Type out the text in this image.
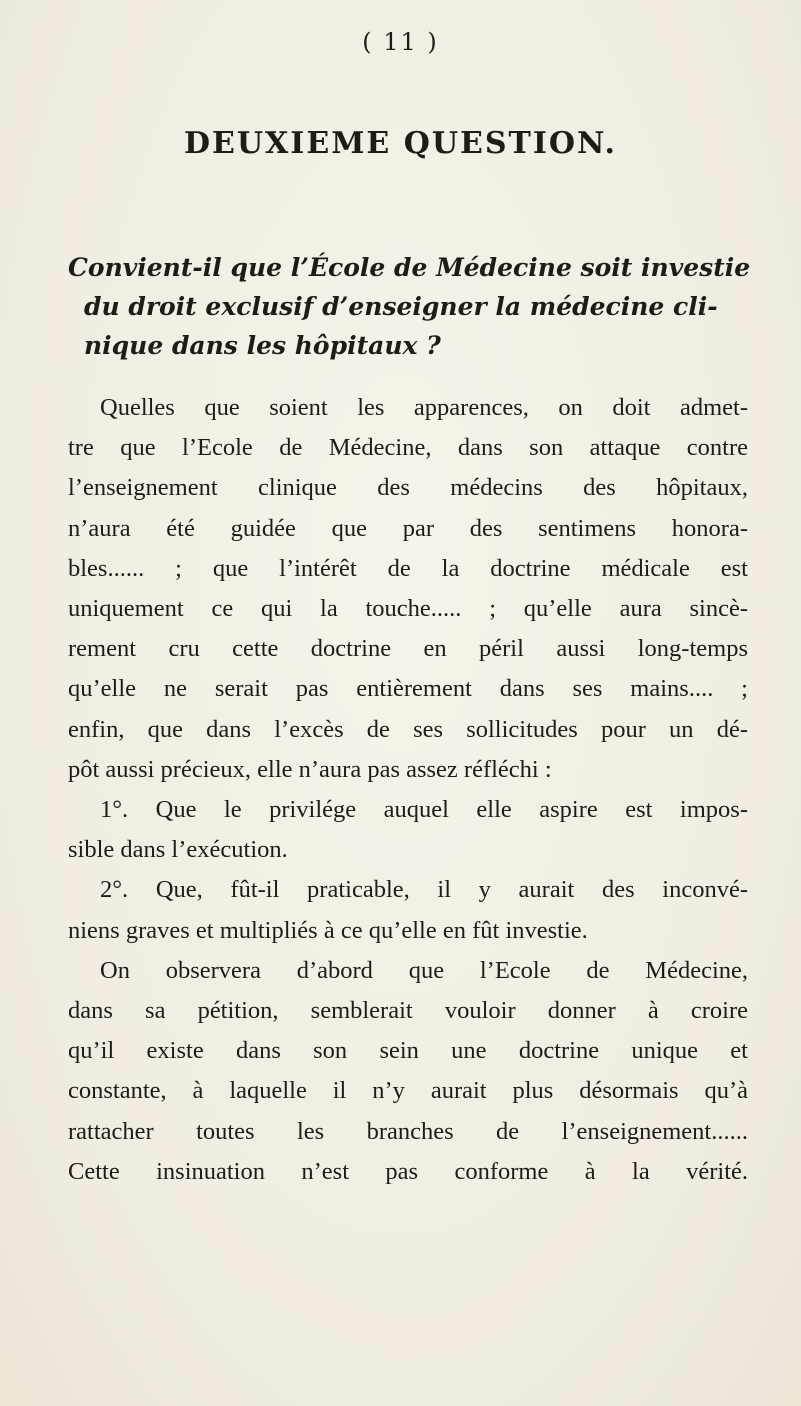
( 11 )
DEUXIEME QUESTION.
Convient-il que l’École de Médecine soit investie
du droit exclusif d’enseigner la médecine cli-
nique dans les hôpitaux ?
Quelles que soient les apparences, on doit admet-
tre que l’Ecole de Médecine, dans son attaque contre
l’enseignement clinique des médecins des hôpitaux,
n’aura été guidée que par des sentimens honora-
bles...... ; que l’intérêt de la doctrine médicale est
uniquement ce qui la touche..... ; qu’elle aura sincè-
rement cru cette doctrine en péril aussi long-temps
qu’elle ne serait pas entièrement dans ses mains.... ;
enfin, que dans l’excès de ses sollicitudes pour un dé-
pôt aussi précieux, elle n’aura pas assez réfléchi :
1°. Que le privilége auquel elle aspire est impos-
sible dans l’exécution.
2°. Que, fût-il praticable, il y aurait des inconvé-
niens graves et multipliés à ce qu’elle en fût investie.
On observera d’abord que l’Ecole de Médecine,
dans sa pétition, semblerait vouloir donner à croire
qu’il existe dans son sein une doctrine unique et
constante, à laquelle il n’y aurait plus désormais qu’à
rattacher toutes les branches de l’enseignement......
Cette insinuation n’est pas conforme à la vérité.
